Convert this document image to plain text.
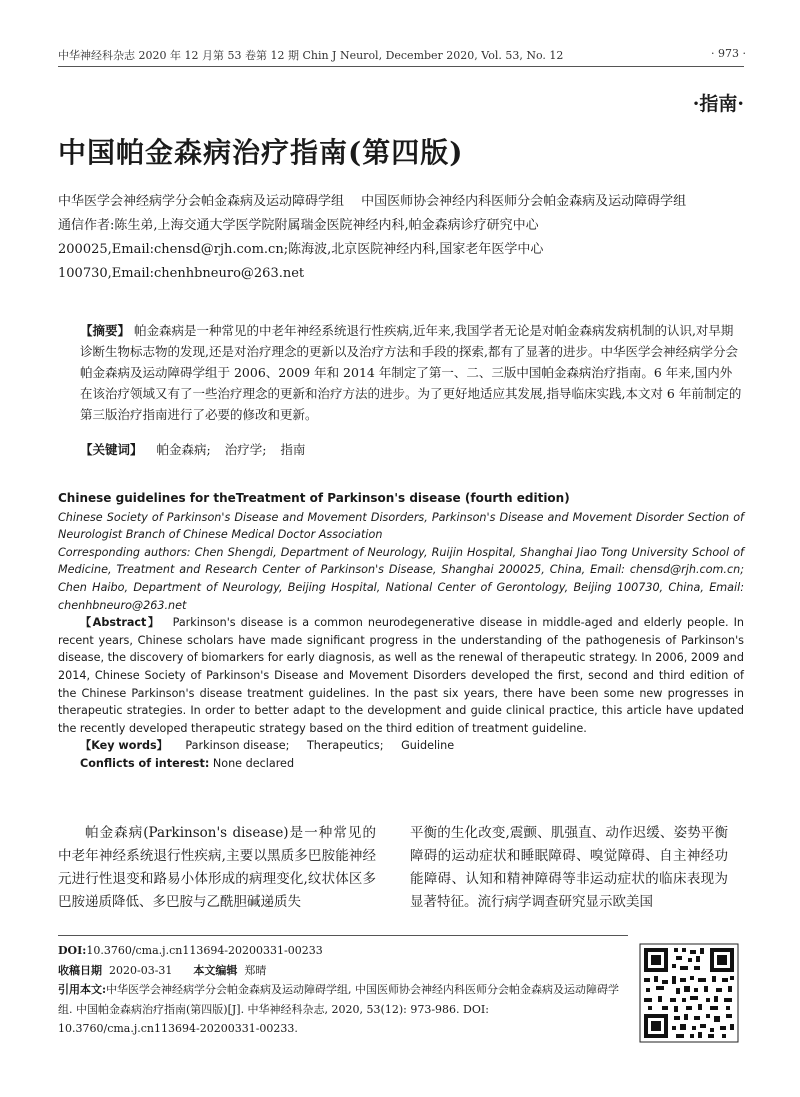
中华神经科杂志 2020 年 12 月第 53 卷第 12 期 Chin J Neurol, December 2020, Vol. 53, No. 12	· 973 ·
·指南·
中国帕金森病治疗指南(第四版)

中华医学会神经病学分会帕金森病及运动障碍学组　 中国医师协会神经内科医师分会帕金森病及运动障碍学组

通信作者:陈生弟,上海交通大学医学院附属瑞金医院神经内科,帕金森病诊疗研究中心 200025,Email:chensd@rjh.com.cn;陈海波,北京医院神经内科,国家老年医学中心 100730,Email:chenhbneuro@263.net

【摘要】 帕金森病是一种常见的中老年神经系统退行性疾病,近年来,我国学者无论是对帕金森病发病机制的认识,对早期诊断生物标志物的发现,还是对治疗理念的更新以及治疗方法和手段的探索,都有了显著的进步。中华医学会神经病学分会帕金森病及运动障碍学组于 2006、2009 年和 2014 年制定了第一、二、三版中国帕金森病治疗指南。6 年来,国内外在该治疗领域又有了一些治疗理念的更新和治疗方法的进步。为了更好地适应其发展,指导临床实践,本文对 6 年前制定的第三版治疗指南进行了必要的修改和更新。

【关键词】 帕金森病; 治疗学; 指南

Chinese guidelines for theTreatment of Parkinson's disease (fourth edition)

Chinese Society of Parkinson's Disease and Movement Disorders, Parkinson's Disease and Movement Disorder Section of Neurologist Branch of Chinese Medical Doctor Association

Corresponding authors: Chen Shengdi, Department of Neurology, Ruijin Hospital, Shanghai Jiao Tong University School of Medicine, Treatment and Research Center of Parkinson's Disease, Shanghai 200025, China, Email: chensd@rjh.com.cn; Chen Haibo, Department of Neurology, Beijing Hospital, National Center of Gerontology, Beijing 100730, China, Email: chenhbneuro@263.net

【Abstract】 Parkinson's disease is a common neurodegenerative disease in middle-aged and elderly people. In recent years, Chinese scholars have made significant progress in the understanding of the pathogenesis of Parkinson's disease, the discovery of biomarkers for early diagnosis, as well as the renewal of therapeutic strategy. In 2006, 2009 and 2014, Chinese Society of Parkinson's Disease and Movement Disorders developed the first, second and third edition of the Chinese Parkinson's disease treatment guidelines. In the past six years, there have been some new progresses in therapeutic strategies. In order to better adapt to the development and guide clinical practice, this article have updated the recently developed therapeutic strategy based on the third edition of treatment guideline.

【Key words】 Parkinson disease; Therapeutics; Guideline

Conflicts of interest: None declared

帕金森病(Parkinson's disease)是一种常见的中老年神经系统退行性疾病,主要以黑质多巴胺能神经元进行性退变和路易小体形成的病理变化,纹状体区多巴胺递质降低、多巴胺与乙酰胆碱递质失
平衡的生化改变,震颤、肌强直、动作迟缓、姿势平衡障碍的运动症状和睡眠障碍、嗅觉障碍、自主神经功能障碍、认知和精神障碍等非运动症状的临床表现为显著特征。流行病学调查研究显示欧美国

DOI:10.3760/cma.j.cn113694-20200331-00233

收稿日期 2020-03-31 本文编辑 郑晴

引用本文:中华医学会神经病学分会帕金森病及运动障碍学组, 中国医师协会神经内科医师分会帕金森病及运动障碍学组. 中国帕金森病治疗指南(第四版)[J]. 中华神经科杂志, 2020, 53(12): 973-986. DOI: 10.3760/cma.j.cn113694-20200331-00233.
